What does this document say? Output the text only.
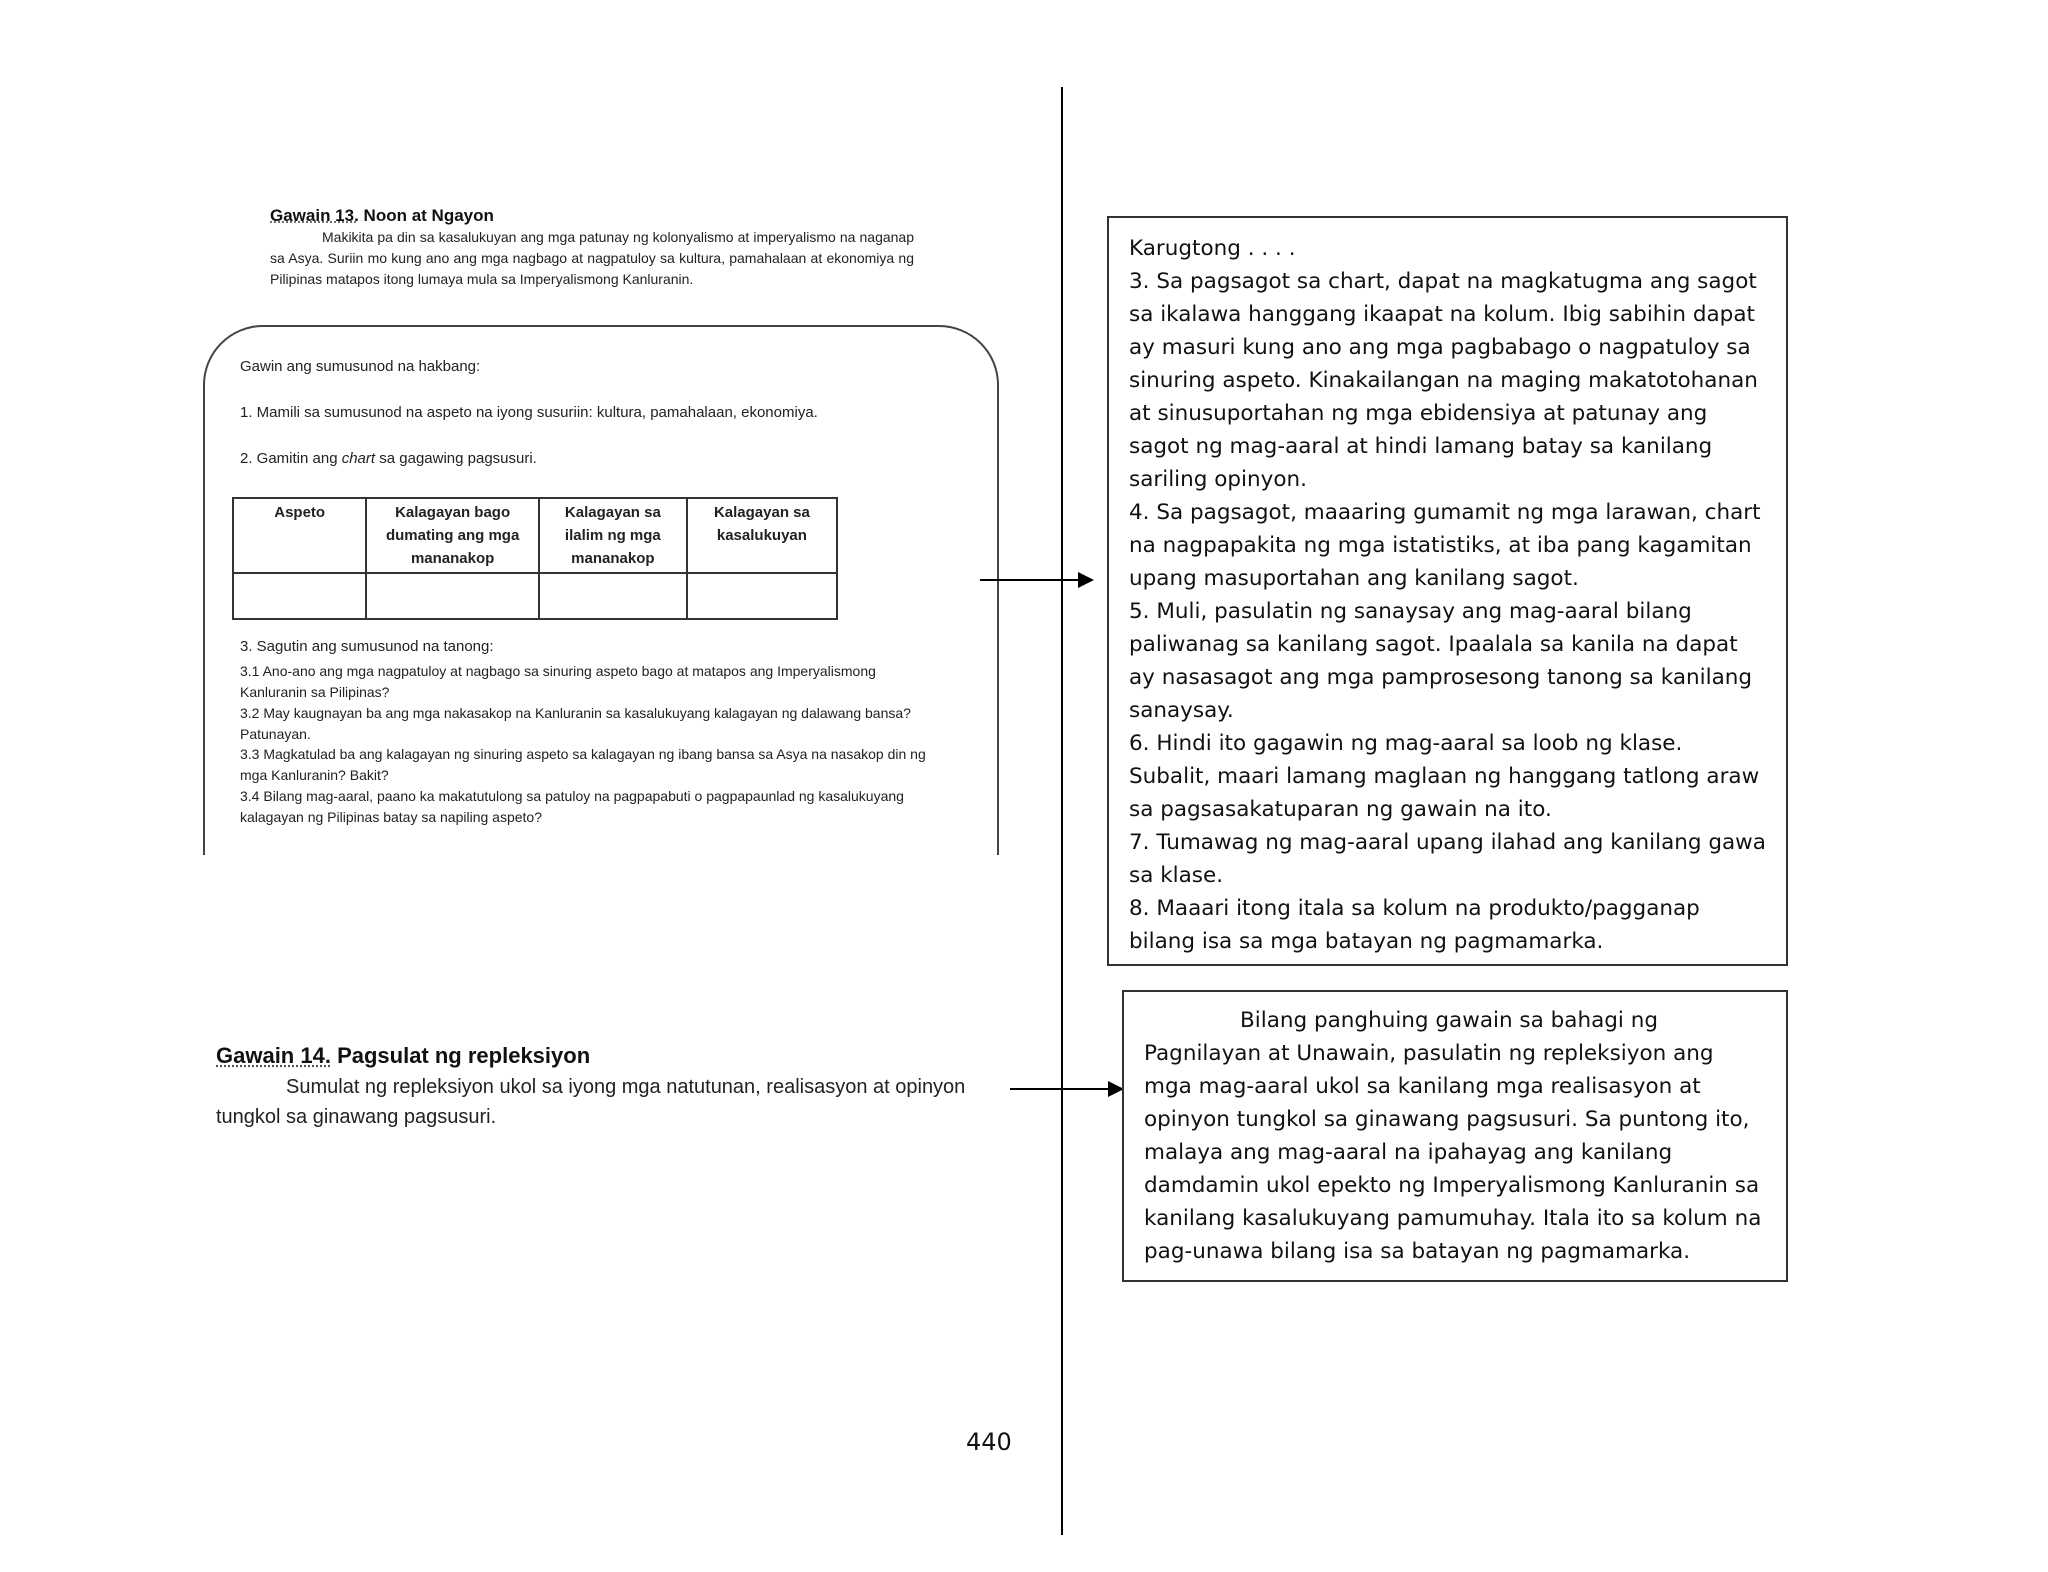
Gawain 13. Noon at Ngayon
Makikita pa din sa kasalukuyan ang mga patunay ng kolonyalismo at imperyalismo na naganap sa Asya. Suriin mo kung ano ang mga nagbago at nagpatuloy sa kultura, pamahalaan at ekonomiya ng Pilipinas matapos itong lumaya mula sa Imperyalismong Kanluranin.
Gawin ang sumusunod na hakbang:
1. Mamili sa sumusunod na aspeto na iyong susuriin: kultura, pamahalaan, ekonomiya.
2. Gamitin ang chart sa gagawing pagsusuri.
Aspeto	Kalagayan bago dumating ang mga mananakop	Kalagayan sa ilalim ng mga mananakop	Kalagayan sa kasalukuyan

3. Sagutin ang sumusunod na tanong:
3.1 Ano-ano ang mga nagpatuloy at nagbago sa sinuring aspeto bago at matapos ang Imperyalismong Kanluranin sa Pilipinas?
3.2 May kaugnayan ba ang mga nakasakop na Kanluranin sa kasalukuyang kalagayan ng dalawang bansa? Patunayan.
3.3 Magkatulad ba ang kalagayan ng sinuring aspeto sa kalagayan ng ibang bansa sa Asya na nasakop din ng mga Kanluranin? Bakit?
3.4 Bilang mag-aaral, paano ka makatutulong sa patuloy na pagpapabuti o pagpapaunlad ng kasalukuyang kalagayan ng Pilipinas batay sa napiling aspeto?
Gawain 14. Pagsulat ng repleksiyon
Sumulat ng repleksiyon ukol sa iyong mga natutunan, realisasyon at opinyon tungkol sa ginawang pagsusuri.

Karugtong . . . .

3. Sa pagsagot sa chart, dapat na magkatugma ang sagot sa ikalawa hanggang ikaapat na kolum. Ibig sabihin dapat ay masuri kung ano ang mga pagbabago o nagpatuloy sa sinuring aspeto. Kinakailangan na maging makatotohanan at sinusuportahan ng mga ebidensiya at patunay ang sagot ng mag-aaral at hindi lamang batay sa kanilang sariling opinyon.

4. Sa pagsagot, maaaring gumamit ng mga larawan, chart na nagpapakita ng mga istatistiks, at iba pang kagamitan upang masuportahan ang kanilang sagot.

5. Muli, pasulatin ng sanaysay ang mag-aaral bilang paliwanag sa kanilang sagot. Ipaalala sa kanila na dapat ay nasasagot ang mga pamprosesong tanong sa kanilang sanaysay.

6. Hindi ito gagawin ng mag-aaral sa loob ng klase. Subalit, maari lamang maglaan ng hanggang tatlong araw sa pagsasakatuparan ng gawain na ito.

7. Tumawag ng mag-aaral upang ilahad ang kanilang gawa sa klase.

8. Maaari itong itala sa kolum na produkto/pagganap bilang isa sa mga batayan ng pagmamarka.

Bilang panghuing gawain sa bahagi ng Pagnilayan at Unawain, pasulatin ng repleksiyon ang mga mag-aaral ukol sa kanilang mga realisasyon at opinyon tungkol sa ginawang pagsusuri. Sa puntong ito, malaya ang mag-aaral na ipahayag ang kanilang damdamin ukol epekto ng Imperyalismong Kanluranin sa kanilang kasalukuyang pamumuhay. Itala ito sa kolum na pag-unawa bilang isa sa batayan ng pagmamarka.

440
